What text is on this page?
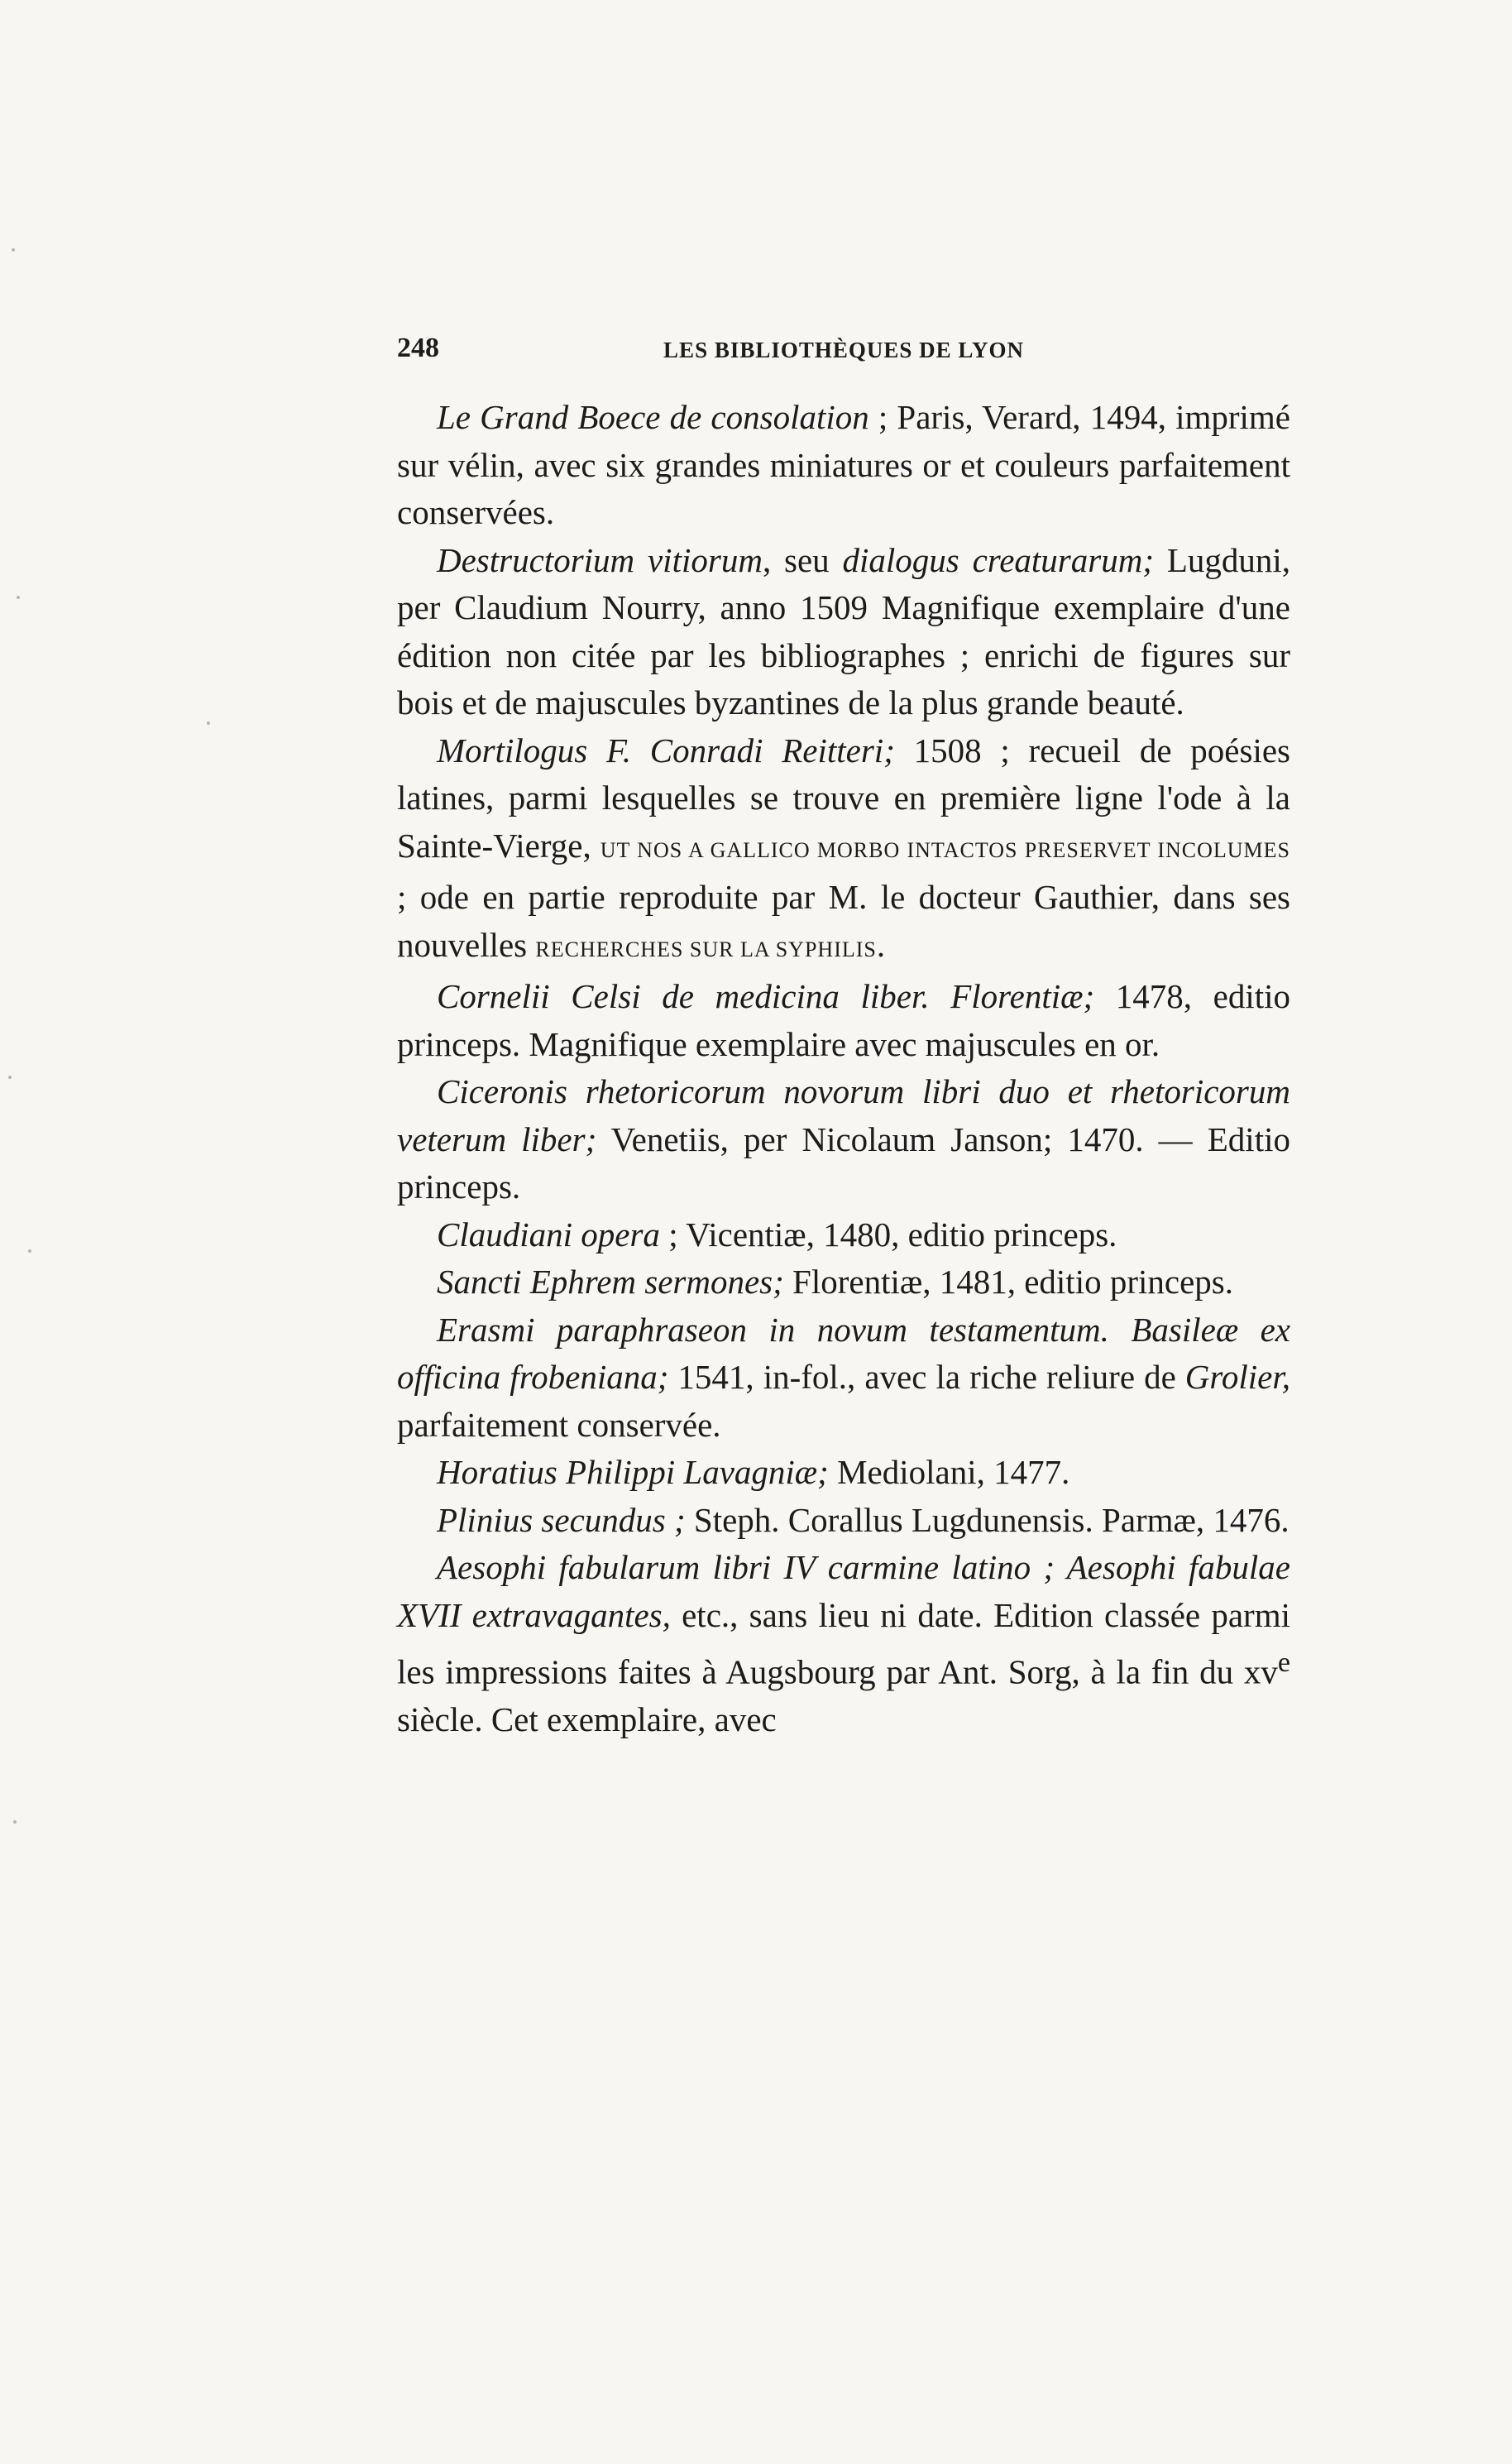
248	LES BIBLIOTHÈQUES DE LYON

Le Grand Boece de consolation ; Paris, Verard, 1494, imprimé sur vélin, avec six grandes miniatures or et couleurs parfaitement conservées.

Destructorium vitiorum, seu dialogus creaturarum; Lugduni, per Claudium Nourry, anno 1509 Magnifique exemplaire d'une édition non citée par les bibliographes ; enrichi de figures sur bois et de majuscules byzantines de la plus grande beauté.

Mortilogus F. Conradi Reitteri; 1508 ; recueil de poésies latines, parmi lesquelles se trouve en première ligne l'ode à la Sainte-Vierge, UT NOS A GALLICO MORBO INTACTOS PRESERVET INCOLUMES ; ode en partie reproduite par M. le docteur Gauthier, dans ses nouvelles RECHERCHES SUR LA SYPHILIS.

Cornelii Celsi de medicina liber. Florentiæ; 1478, editio princeps. Magnifique exemplaire avec majuscules en or.

Ciceronis rhetoricorum novorum libri duo et rhetoricorum veterum liber; Venetiis, per Nicolaum Janson; 1470. — Editio princeps.

Claudiani opera ; Vicentiæ, 1480, editio princeps.

Sancti Ephrem sermones; Florentiæ, 1481, editio princeps.

Erasmi paraphraseon in novum testamentum. Basileæ ex officina frobeniana; 1541, in-fol., avec la riche reliure de Grolier, parfaitement conservée.

Horatius Philippi Lavagniæ; Mediolani, 1477.

Plinius secundus ; Steph. Corallus Lugdunensis. Parmæ, 1476.

Aesophi fabularum libri IV carmine latino ; Aesophi fabulae XVII extravagantes, etc., sans lieu ni date. Edition classée parmi les impressions faites à Augsbourg par Ant. Sorg, à la fin du $xv^e$ siècle. Cet exemplaire, avec
